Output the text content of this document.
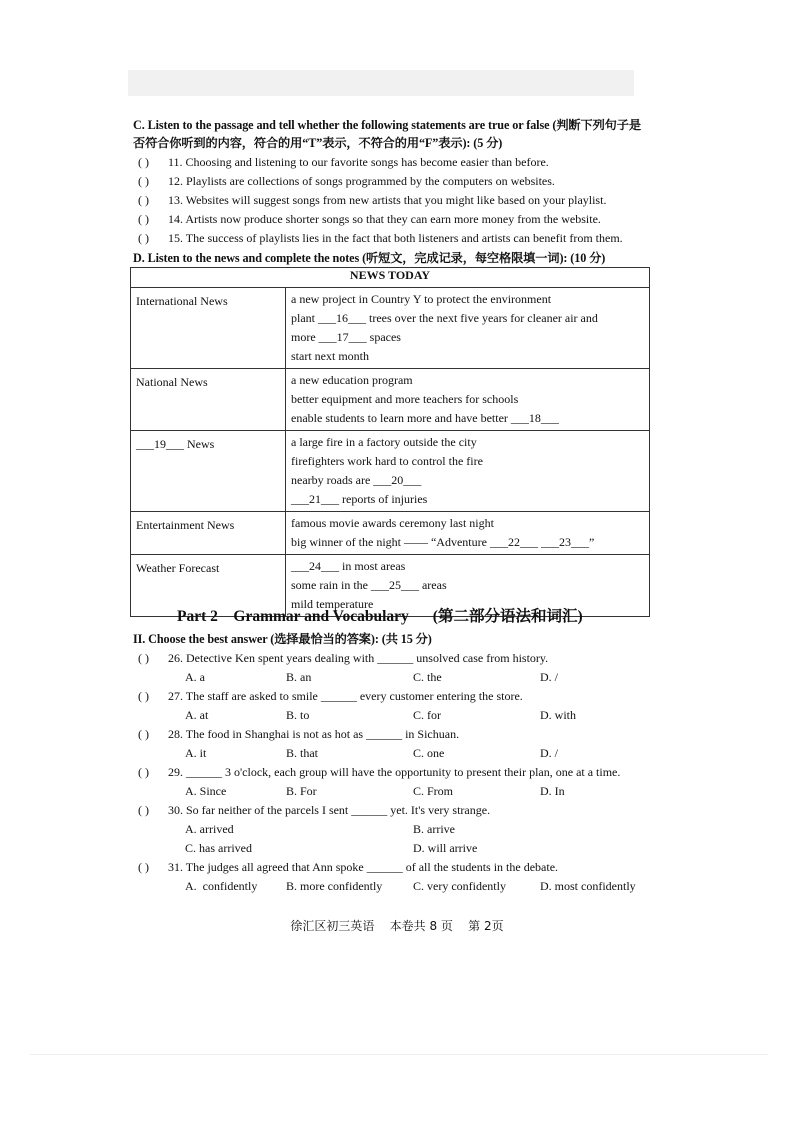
C. Listen to the passage and tell whether the following statements are true or false (判断下列句子是否符合你听到的内容，符合的用“T”表示，不符合的用“F”表示): (5 分)
( ) 11. Choosing and listening to our favorite songs has become easier than before.
( ) 12. Playlists are collections of songs programmed by the computers on websites.
( ) 13. Websites will suggest songs from new artists that you might like based on your playlist.
( ) 14. Artists now produce shorter songs so that they can earn more money from the website.
( ) 15. The success of playlists lies in the fact that both listeners and artists can benefit from them.
D. Listen to the news and complete the notes (听短文，完成记录，每空格限填一词): (10 分)
NEWS TODAY	
International News	a new project in Country Y to protect the environment
plant ___16___ trees over the next five years for cleaner air and
more ___17___ spaces
start next month

National News	a new education program
better equipment and more teachers for schools
enable students to learn more and have better ___18___

___19___ News	a large fire in a factory outside the city
firefighters work hard to control the fire
nearby roads are ___20___
___21___ reports of injuries

Entertainment News	famous movie awards ceremony last night
big winner of the night —— “Adventure ___22___ ___23___”

Weather Forecast	___24___ in most areas
some rain in the ___25___ areas
mild temperature
Part 2    Grammar and Vocabulary (第二部分语法和词汇)
II. Choose the best answer (选择最恰当的答案): (共 15 分)
( ) 26. Detective Ken spent years dealing with ______ unsolved case from history.
A. a	B. an	C. the	D. /
( ) 27. The staff are asked to smile ______ every customer entering the store.
A. at	B. to	C. for	D. with
( ) 28. The food in Shanghai is not as hot as ______ in Sichuan.
A. it	B. that	C. one	D. /
( ) 29. ______ 3 o'clock, each group will have the opportunity to present their plan, one at a time.
A. Since	B. For	C. From	D. In
( ) 30. So far neither of the parcels I sent ______ yet. It's very strange.
A. arrived	B. arrive
C. has arrived	D. will arrive
( ) 31. The judges all agreed that Ann spoke ______ of all the students in the debate.
A.  confidently B. more confidently	C. very confidently	D. most confidently
徐汇区初三英语    本卷共 8 页    第 2页
